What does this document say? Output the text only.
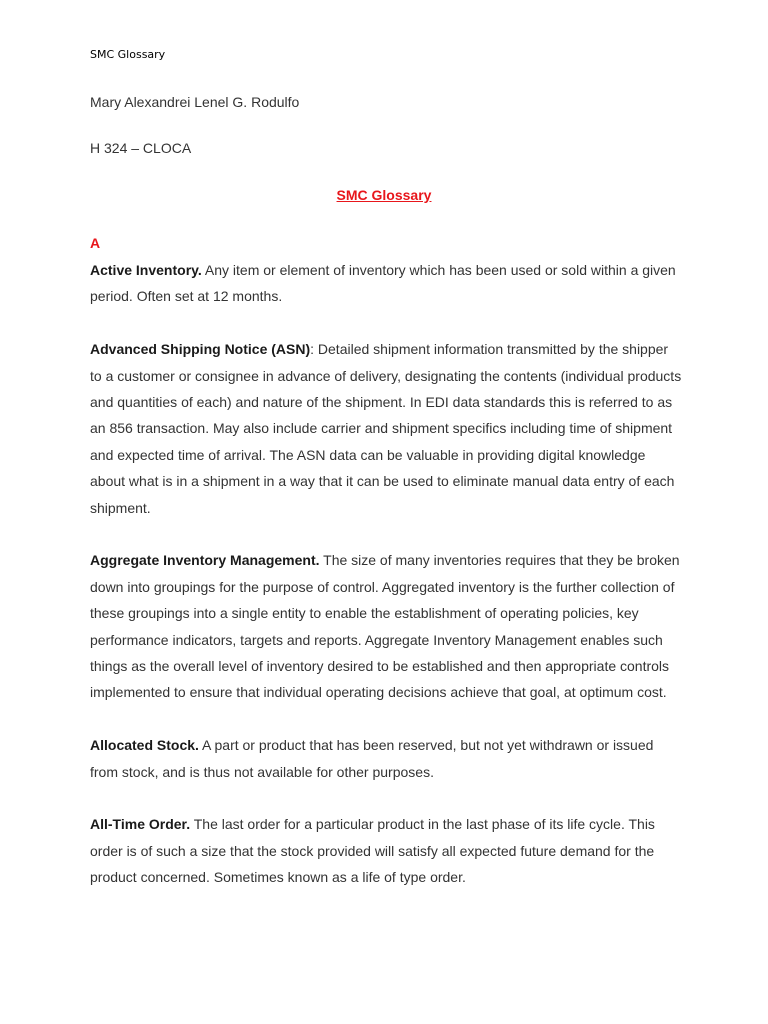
SMC Glossary
Mary Alexandrei Lenel G. Rodulfo
H 324 – CLOCA
SMC Glossary
A

Active Inventory. Any item or element of inventory which has been used or sold within a given period. Often set at 12 months.

Advanced Shipping Notice (ASN): Detailed shipment information transmitted by the shipper to a customer or consignee in advance of delivery, designating the contents (individual products and quantities of each) and nature of the shipment. In EDI data standards this is referred to as an 856 transaction. May also include carrier and shipment specifics including time of shipment and expected time of arrival. The ASN data can be valuable in providing digital knowledge about what is in a shipment in a way that it can be used to eliminate manual data entry of each shipment.

Aggregate Inventory Management. The size of many inventories requires that they be broken down into groupings for the purpose of control. Aggregated inventory is the further collection of these groupings into a single entity to enable the establishment of operating policies, key performance indicators, targets and reports. Aggregate Inventory Management enables such things as the overall level of inventory desired to be established and then appropriate controls implemented to ensure that individual operating decisions achieve that goal, at optimum cost.

Allocated Stock. A part or product that has been reserved, but not yet withdrawn or issued from stock, and is thus not available for other purposes.

All-Time Order. The last order for a particular product in the last phase of its life cycle. This order is of such a size that the stock provided will satisfy all expected future demand for the product concerned. Sometimes known as a life of type order.
